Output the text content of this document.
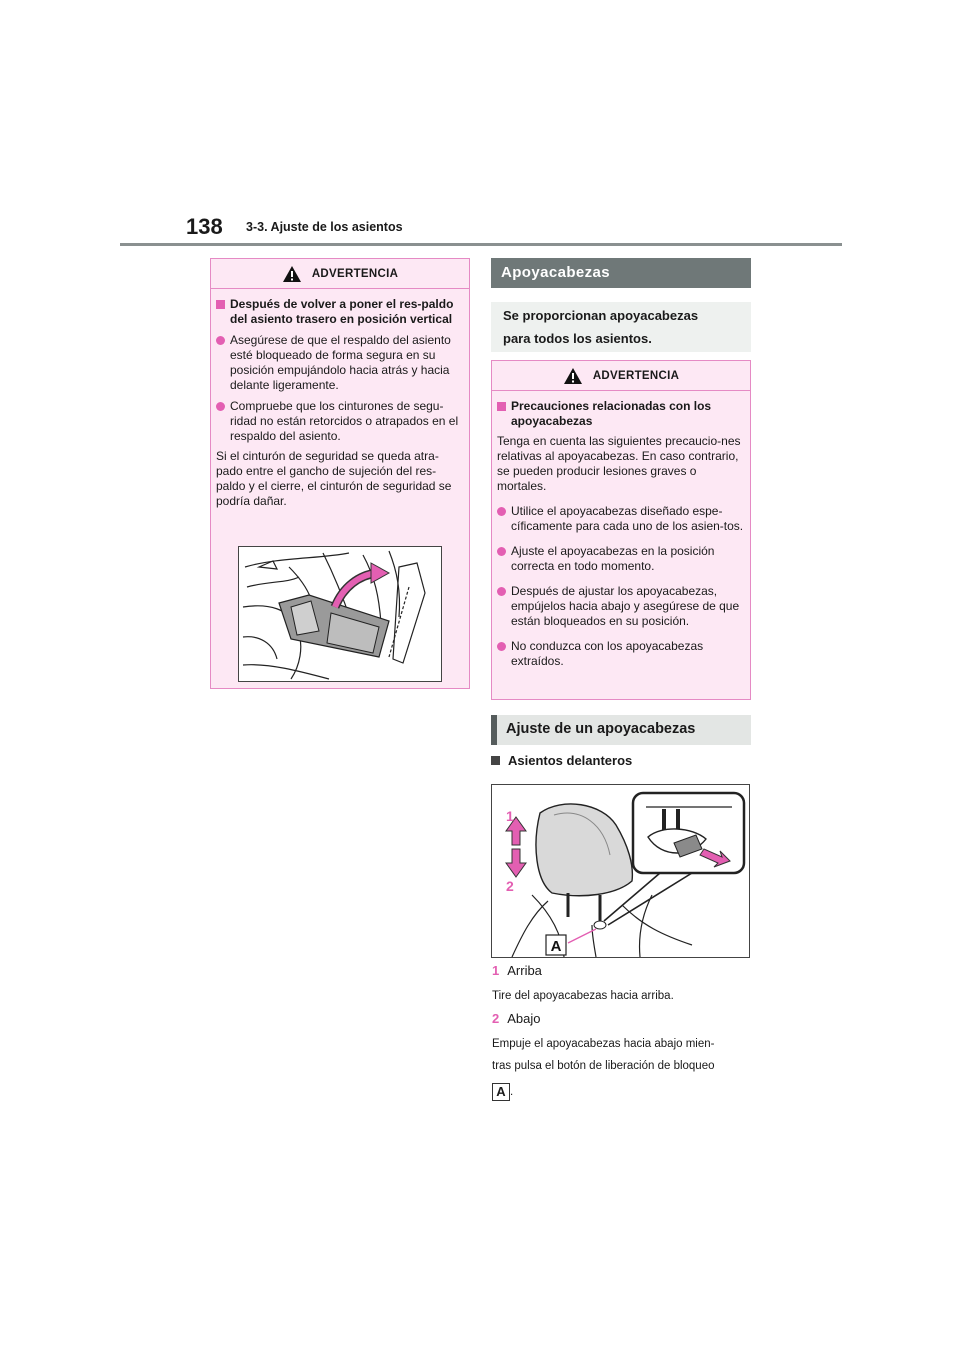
138 3-3. Ajuste de los asientos
ADVERTENCIA
Después de volver a poner el res-paldo del asiento trasero en posición vertical
Asegúrese de que el respaldo del asiento esté bloqueado de forma segura en su posición empujándolo hacia atrás y hacia delante ligeramente.
Compruebe que los cinturones de segu-ridad no están retorcidos o atrapados en el respaldo del asiento.
Si el cinturón de seguridad se queda atra-pado entre el gancho de sujeción del res-paldo y el cierre, el cinturón de seguridad se podría dañar.
Apoyacabezas
Se proporcionan apoyacabezas
para todos los asientos.
ADVERTENCIA
Precauciones relacionadas con los apoyacabezas
Tenga en cuenta las siguientes precaucio-nes relativas al apoyacabezas. En caso contrario, se pueden producir lesiones graves o mortales.
Utilice el apoyacabezas diseñado espe-cíficamente para cada uno de los asien-tos.
Ajuste el apoyacabezas en la posición correcta en todo momento.
Después de ajustar los apoyacabezas, empújelos hacia abajo y asegúrese de que están bloqueados en su posición.
No conduzca con los apoyacabezas extraídos.
Ajuste de un apoyacabezas
Asientos delanteros
A
1
2
1 Arriba
Tire del apoyacabezas hacia arriba.
2 Abajo
Empuje el apoyacabezas hacia abajo mien-
tras pulsa el botón de liberación de bloqueo
A .
